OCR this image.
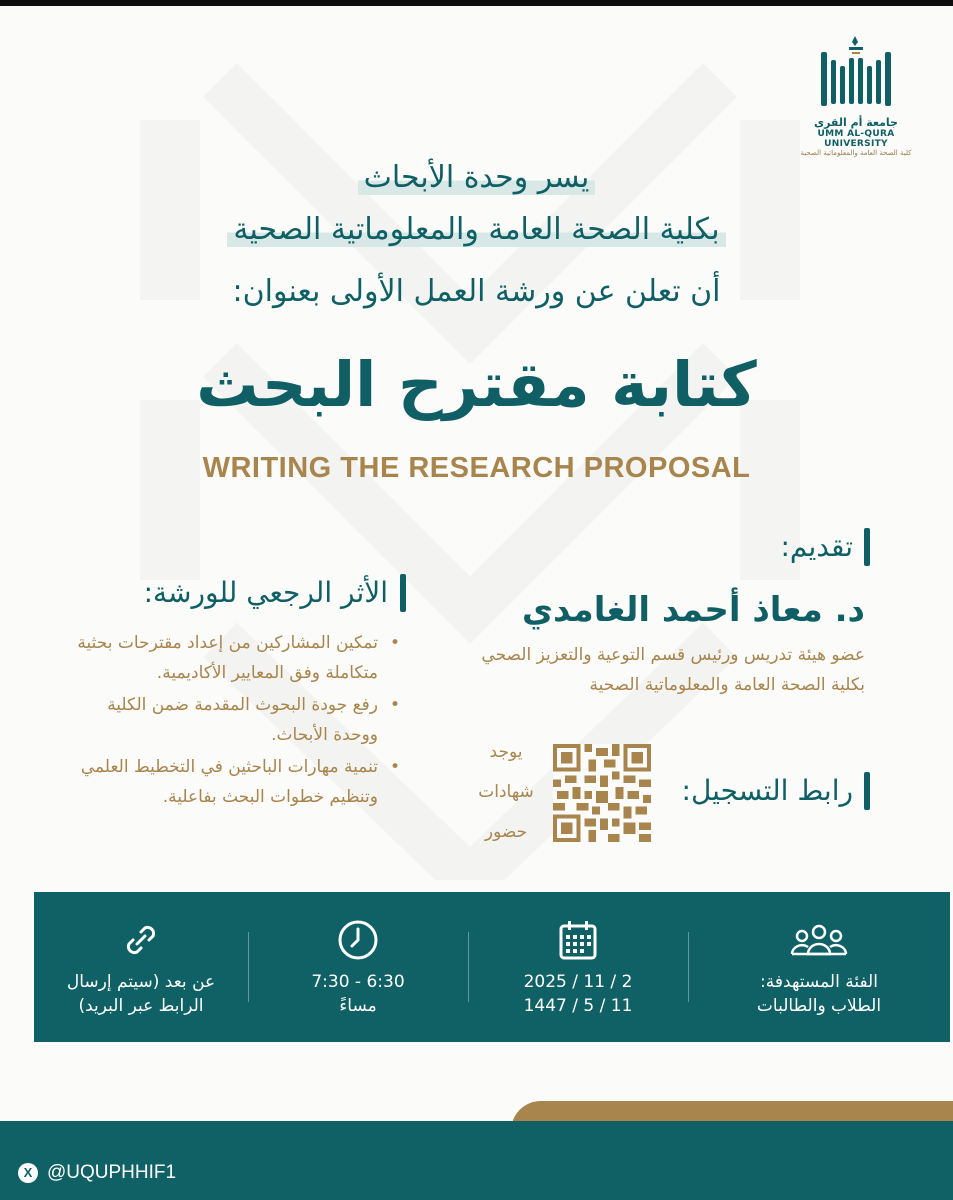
جامعة أم القرى
UMM AL-QURA UNIVERSITY
كلية الصحة العامة والمعلوماتية الصحية
يسر وحدة الأبحاث
بكلية الصحة العامة والمعلوماتية الصحية
أن تعلن عن ورشة العمل الأولى بعنوان:
كتابة مقترح البحث
WRITING THE RESEARCH PROPOSAL
تقديم:
د. معاذ أحمد الغامدي
عضو هيئة تدريس ورئيس قسم التوعية والتعزيز الصحي بكلية الصحة العامة والمعلوماتية الصحية
الأثر الرجعي للورشة:
• تمكين المشاركين من إعداد مقترحات بحثية متكاملة وفق المعايير الأكاديمية.
• رفع جودة البحوث المقدمة ضمن الكلية ووحدة الأبحاث.
• تنمية مهارات الباحثين في التخطيط العلمي وتنظيم خطوات البحث بفاعلية.	رابط التسجيل:
يوجد
شهادات
حضور
عن بعد (سيتم إرسال
الرابط عبر البريد)
6:30 - 7:30
مساءً
2 / 11 / 2025
11 / 5 / 1447
الفئة المستهدفة:
الطلاب والطالبات
X @UQUPHHIF1
